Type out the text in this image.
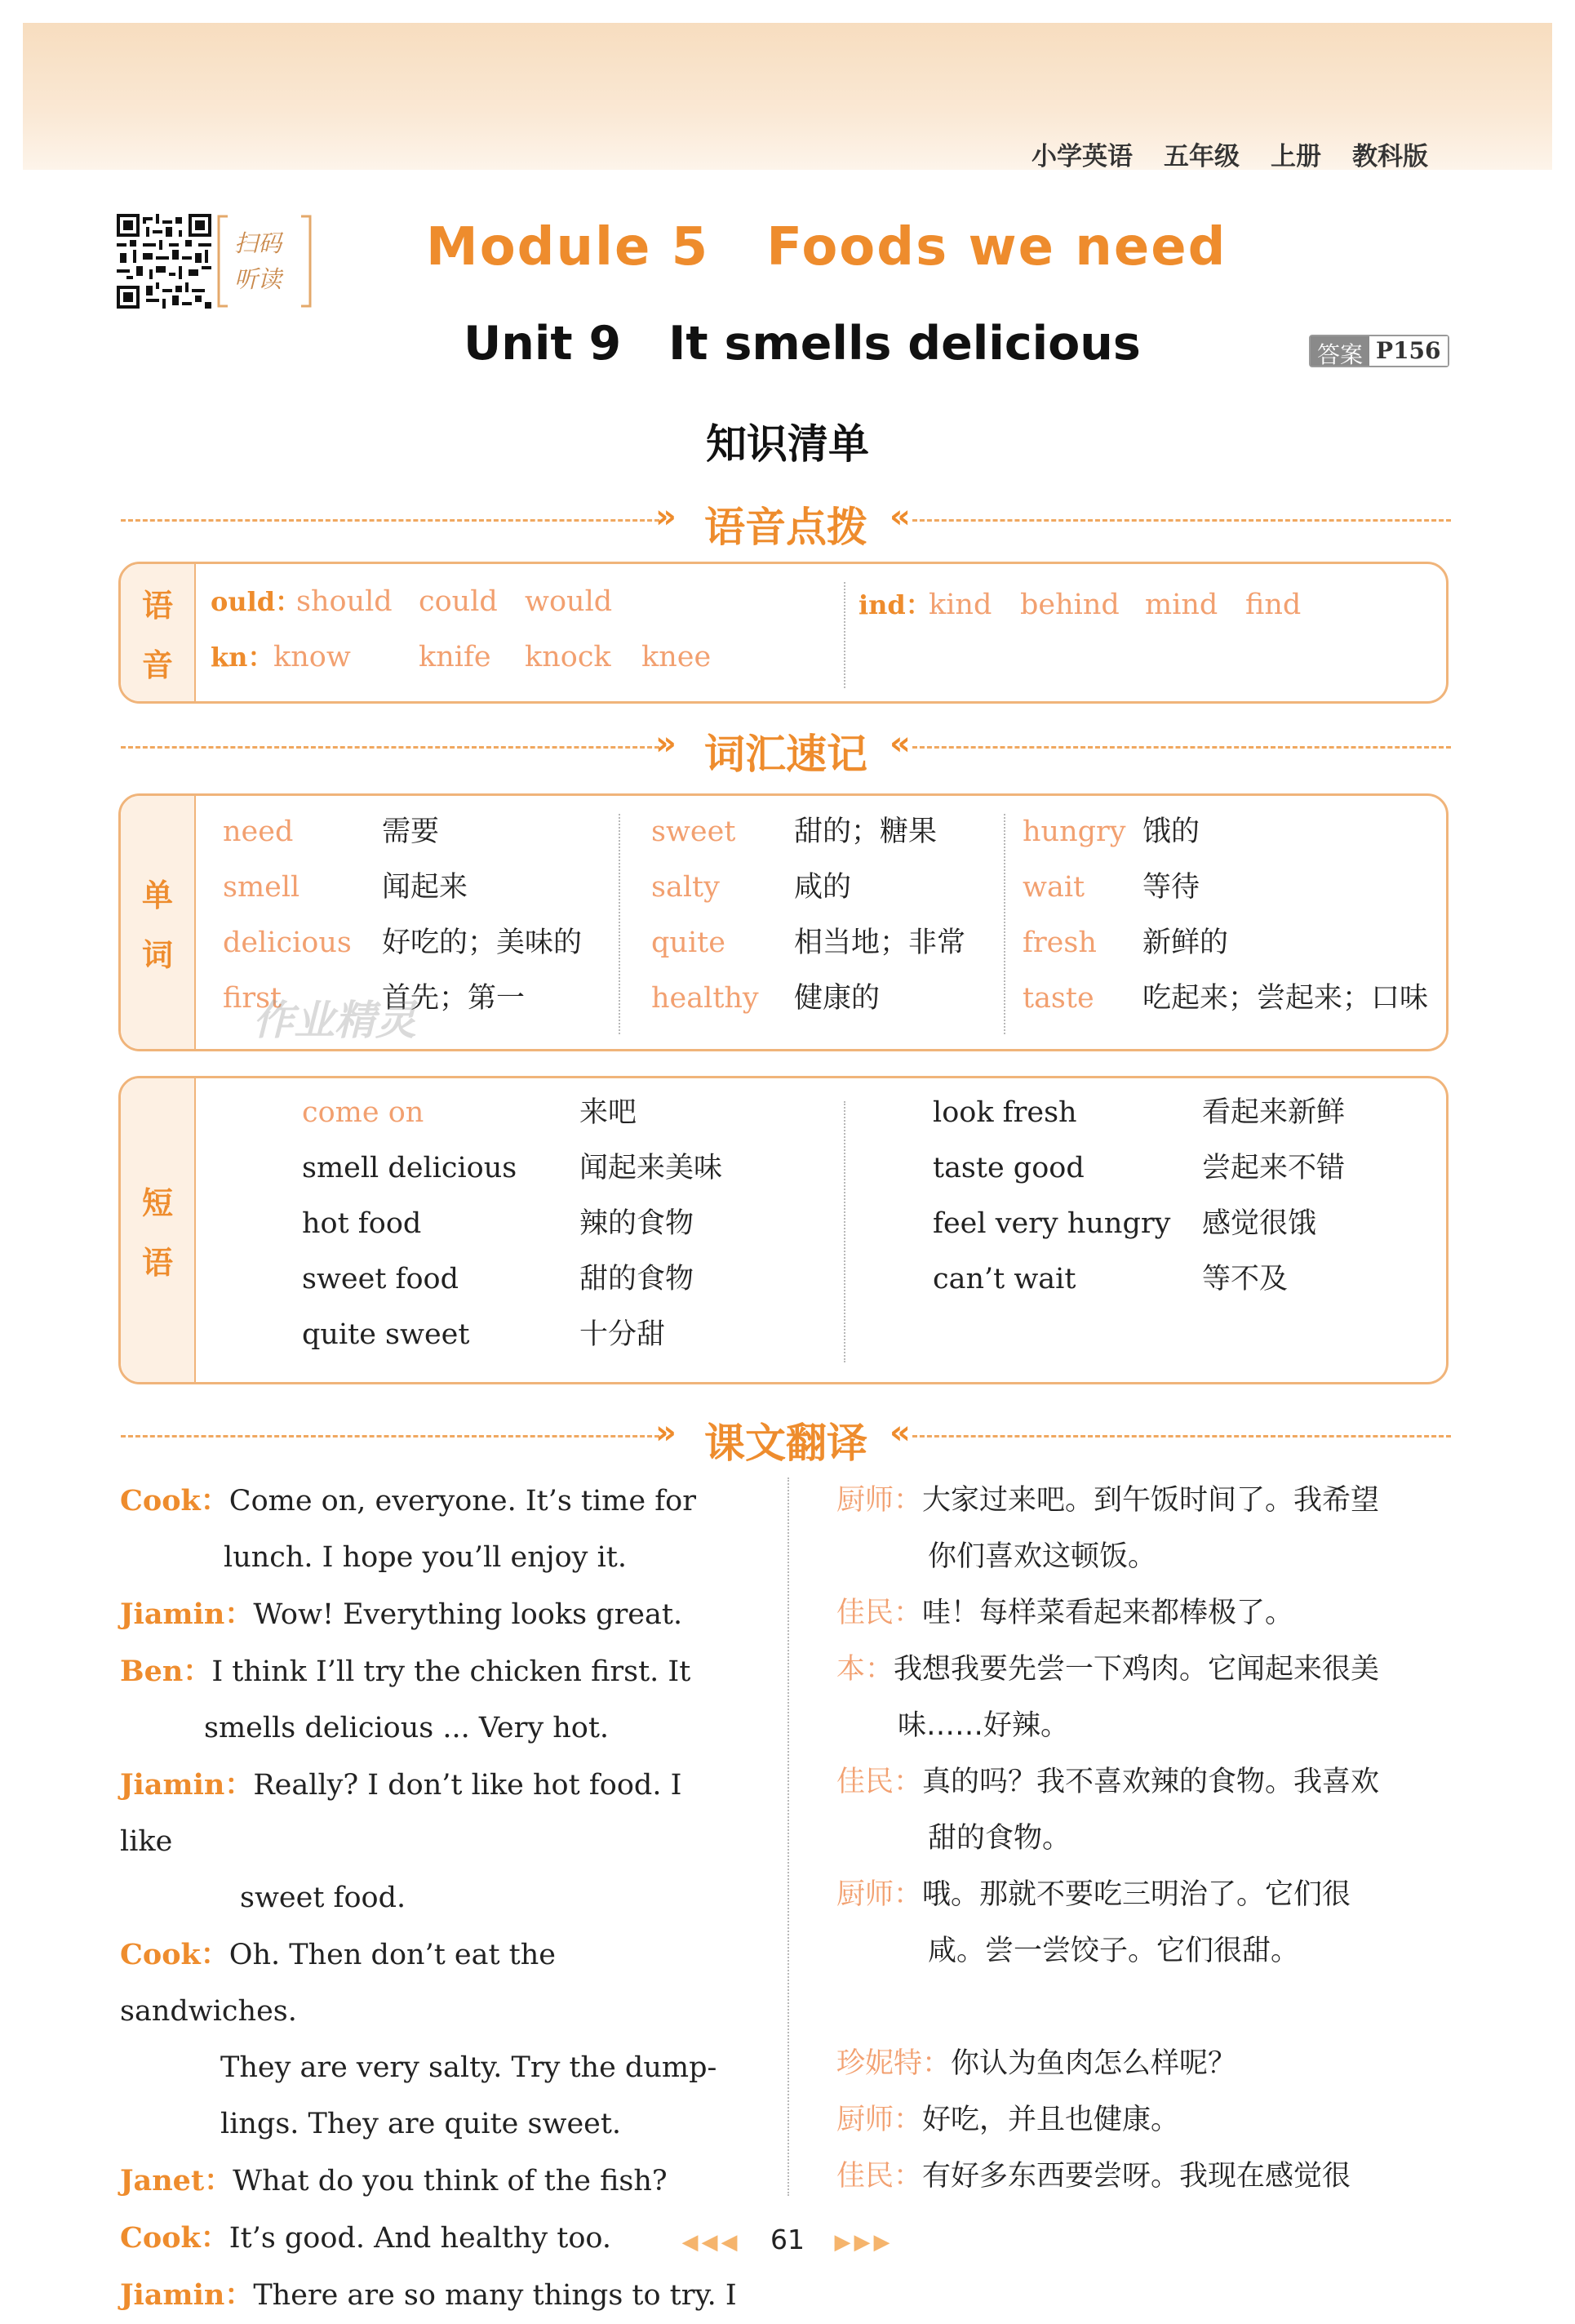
小学英语 五年级 上册 教科版
扫码
听读
Module 5 Foods we need
Unit 9 It smells delicious	答案 P156
知识清单
» 语音点拨 «
语
音
ould：
should could would
kn： know knife knock knee
ind：
kind behind mind find
» 词汇速记 «
单
词
need	需要
smell	闻起来
delicious 好吃的；美味的
first	首先；第一
sweet 甜的；糖果
salty	咸的
quite 相当地；非常
healthy 健康的
hungry 饿的
wait 等待
fresh 新鲜的
taste 吃起来；尝起来；口味
作业精灵
短
语
come on	来吧
smell delicious 闻起来美味
hot food	辣的食物
sweet food	甜的食物
quite sweet	十分甜
look fresh	看起来新鲜
taste good	尝起来不错
feel very hungry 感觉很饿
can’t wait	等不及
» 课文翻译 «
Cook：Come on, everyone. It’s time for
lunch. I hope you’ll enjoy it.
Jiamin：Wow! Everything looks great.
Ben：I think I’ll try the chicken first. It
smells delicious ... Very hot.
Jiamin：Really? I don’t like hot food. I like
sweet food.
Cook：Oh. Then don’t eat the sandwiches.
They are very salty. Try the dump-
lings. They are quite sweet.
Janet：What do you think of the fish?
Cook：It’s good. And healthy too.
Jiamin：There are so many things to try. I
厨师：大家过来吧。到午饭时间了。我希望
你们喜欢这顿饭。
佳民：哇！每样菜看起来都棒极了。
本：我想我要先尝一下鸡肉。它闻起来很美
味……好辣。
佳民：真的吗？我不喜欢辣的食物。我喜欢
甜的食物。
厨师：哦。那就不要吃三明治了。它们很
咸。尝一尝饺子。它们很甜。
珍妮特：你认为鱼肉怎么样呢？
厨师：好吃，并且也健康。
佳民：有好多东西要尝呀。我现在感觉很
◀◀◀ 61 ▶▶▶
